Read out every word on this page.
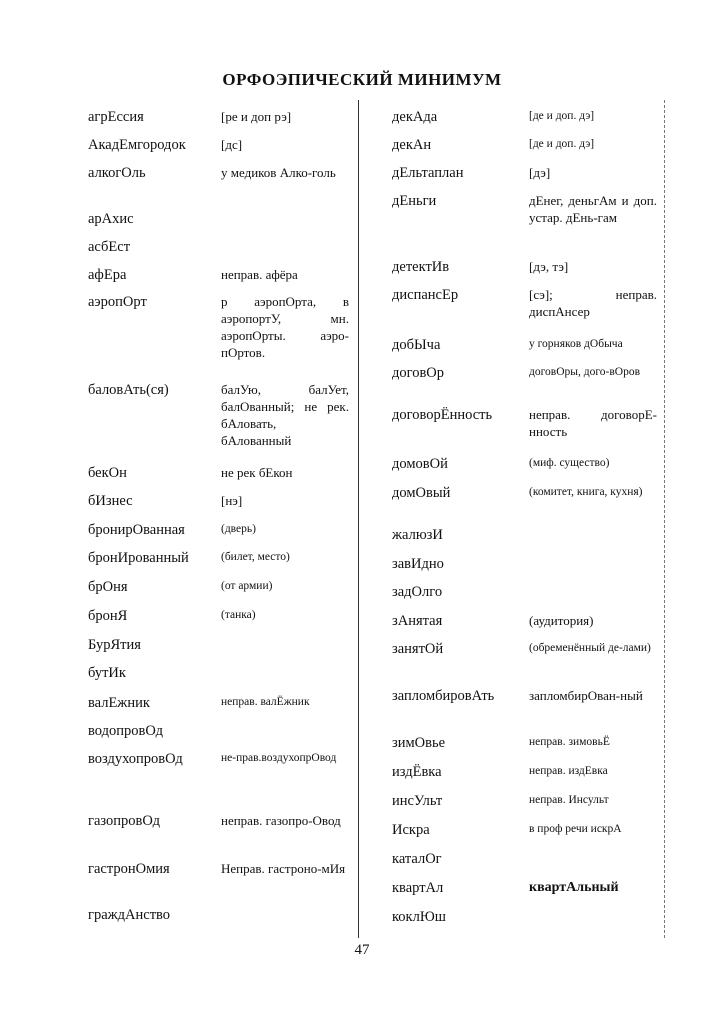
ОРФОЭПИЧЕСКИЙ МИНИМУМ
агрЕссия	[ре и доп рэ]
АкадЕмгородок	[дс]
алкогОль	у медиков Алко-голь
арАхис
асбЕст
афЕра	неправ. афёра
аэропОрт	р аэропОрта, в аэропортУ, мн. аэропОрты. аэро-пОртов.
баловАть(ся)	балУю, балУет, балОванный; не рек. бАловать, бАлованный
бекОн	не рек бЕкон
бИзнес	[нэ]
бронирОванная	(дверь)
бронИрованный	(билет, место)
брОня	(от армии)
бронЯ	(танка)
БурЯтия
бутИк
валЕжник	неправ. валЁжник
водопровОд
воздухопровОд	не-прав.воздухопрОвод
газопровОд	неправ. газопро-Овод
гастронОмия	Неправ. гастроно-мИя
граждАнство
декАда	[де и доп. дэ]
декАн	[де и доп. дэ]
дЕльтаплан	[дэ]
дЕньги	дЕнег, деньгАм и доп. устар. дЕнь-гам
детектИв	[дэ, тэ]
диспансЕр	[сэ]; неправ. диспАнсер
добЫча	у горняков дОбыча
договОр	договОры, дого-вОров
договорЁнность	неправ. договорЕ-нность
домовОй	(миф. существо)
домОвый	(комитет, книга, кухня)
жалюзИ
завИдно
задОлго
зАнятая	(аудитория)
занятОй	(обременённый де-лами)
запломбировАть	запломбирОван-ный
зимОвье	неправ. зимовьЁ
издЁвка	неправ. издЕвка
инсУльт	неправ. Инсульт
Искра	в проф речи искрА
каталОг
квартАл	квартАльный
коклЮш
47
